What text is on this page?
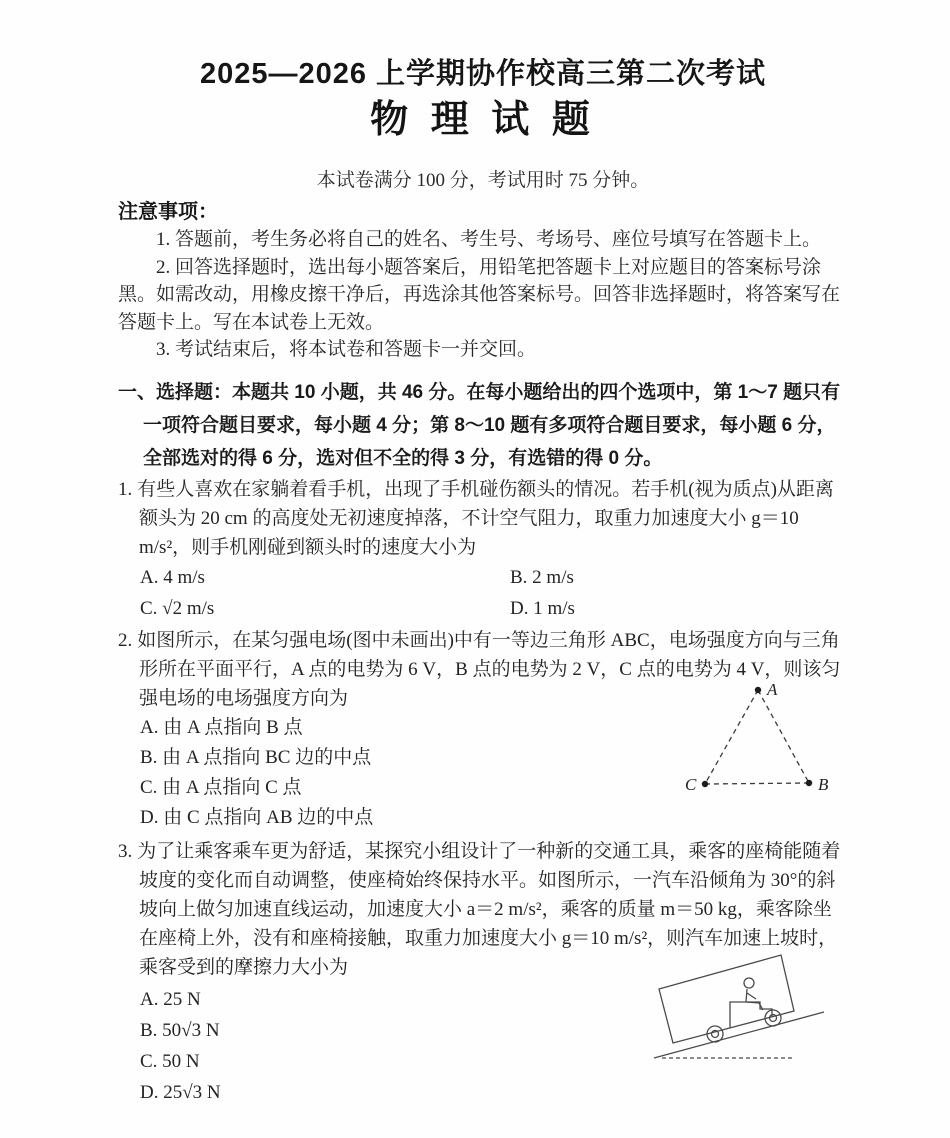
2025—2026 上学期协作校高三第二次考试
物 理 试 题
本试卷满分 100 分，考试用时 75 分钟。
注意事项：

1. 答题前，考生务必将自己的姓名、考生号、考场号、座位号填写在答题卡上。

2. 回答选择题时，选出每小题答案后，用铅笔把答题卡上对应题目的答案标号涂黑。如需改动，用橡皮擦干净后，再选涂其他答案标号。回答非选择题时，将答案写在答题卡上。写在本试卷上无效。

3. 考试结束后，将本试卷和答题卡一并交回。

一、选择题：本题共 10 小题，共 46 分。在每小题给出的四个选项中，第 1～7 题只有一项符合题目要求，每小题 4 分；第 8～10 题有多项符合题目要求，每小题 6 分，全部选对的得 6 分，选对但不全的得 3 分，有选错的得 0 分。

1. 有些人喜欢在家躺着看手机，出现了手机碰伤额头的情况。若手机(视为质点)从距离额头为 20 cm 的高度处无初速度掉落，不计空气阻力，取重力加速度大小 g＝10 m/s²，则手机刚碰到额头时的速度大小为

A. 4 m/s	B. 2 m/s
C. √2 m/s	D. 1 m/s

2. 如图所示，在某匀强电场(图中未画出)中有一等边三角形 ABC，电场强度方向与三角形所在平面平行，A 点的电势为 6 V，B 点的电势为 2 V，C 点的电势为 4 V，则该匀强电场的电场强度方向为

A. 由 A 点指向 B 点
B. 由 A 点指向 BC 边的中点
C. 由 A 点指向 C 点
D. 由 C 点指向 AB 边的中点

3. 为了让乘客乘车更为舒适，某探究小组设计了一种新的交通工具，乘客的座椅能随着坡度的变化而自动调整，使座椅始终保持水平。如图所示，一汽车沿倾角为 30°的斜坡向上做匀加速直线运动，加速度大小 a＝2 m/s²，乘客的质量 m＝50 kg，乘客除坐在座椅上外，没有和座椅接触，取重力加速度大小 g＝10 m/s²，则汽车加速上坡时，乘客受到的摩擦力大小为

A. 25 N
B. 50√3 N
C. 50 N
D. 25√3 N
A
C	B
